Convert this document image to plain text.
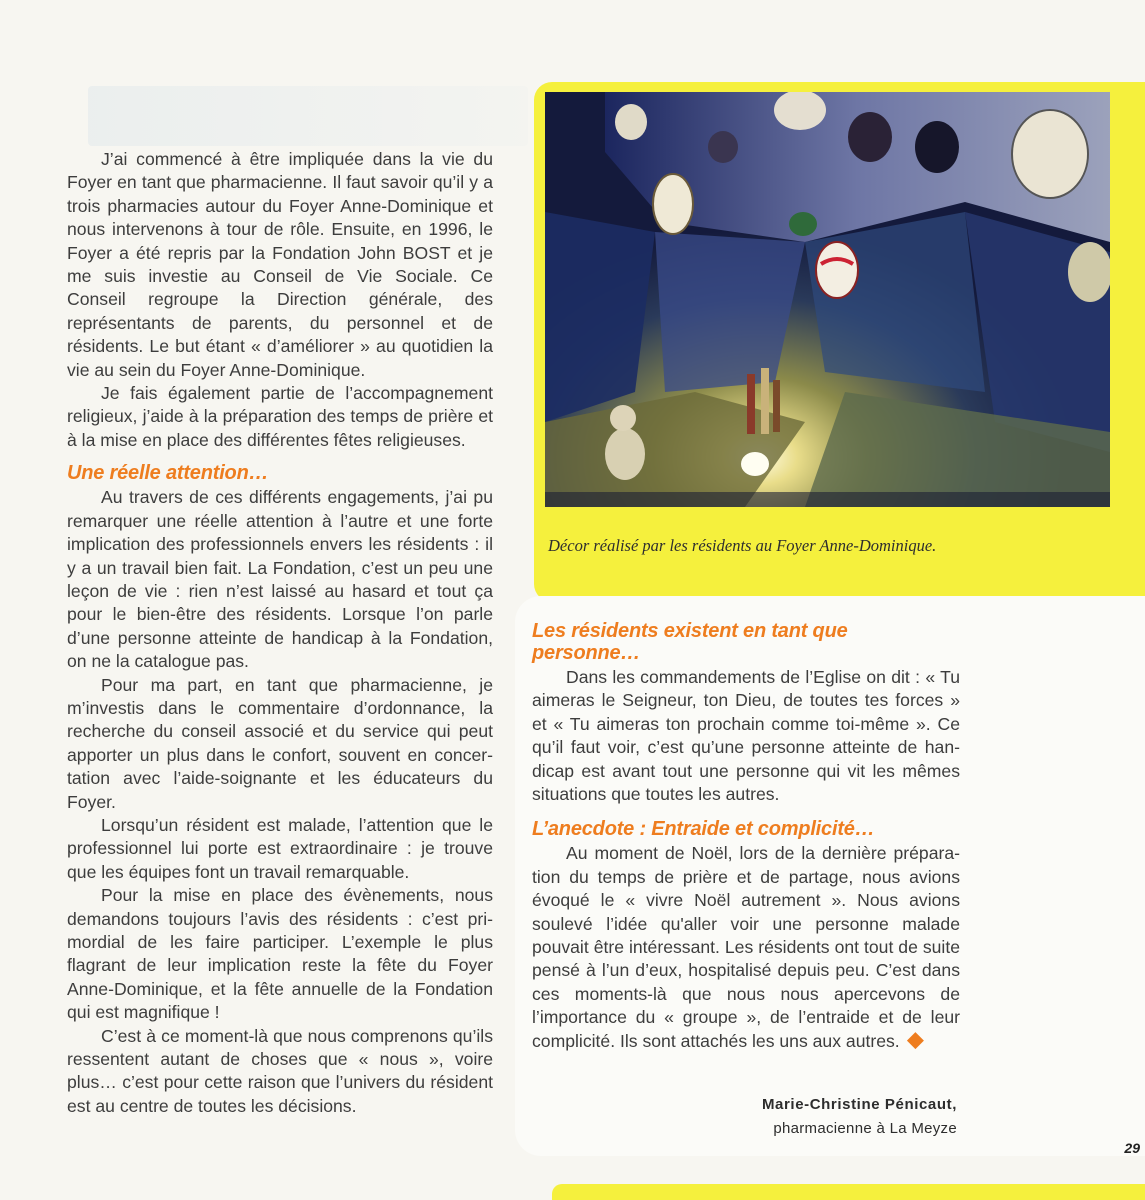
Décor réalisé par les résidents au Foyer Anne-Dominique.

J’ai commencé à être impliquée dans la vie du Foyer en tant que pharmacienne. Il faut savoir qu’il y a trois pharmacies autour du Foyer Anne-Dominique et nous intervenons à tour de rôle. Ensuite, en 1996, le Foyer a été repris par la Fondation John BOST et je me suis investie au Conseil de Vie Sociale. Ce Conseil regroupe la Direction générale, des représentants de parents, du personnel et de résidents. Le but étant « d’améliorer » au quotidien la vie au sein du Foyer Anne-Dominique.

Je fais également partie de l’accompagnement religieux, j’aide à la préparation des temps de prière et à la mise en place des différentes fêtes religieuses.

Une réelle attention…

Au travers de ces différents engagements, j’ai pu remarquer une réelle attention à l’autre et une forte implication des professionnels envers les résidents : il y a un travail bien fait. La Fondation, c’est un peu une leçon de vie : rien n’est laissé au hasard et tout ça pour le bien-être des résidents. Lorsque l’on parle d’une personne atteinte de handicap à la Fondation, on ne la catalogue pas.

Pour ma part, en tant que pharmacienne, je m’investis dans le commentaire d’ordonnance, la recherche du conseil associé et du service qui peut apporter un plus dans le confort, souvent en concertation avec l’aide-soignante et les éducateurs du Foyer.

Lorsqu’un résident est malade, l’attention que le professionnel lui porte est extraordinaire : je trouve que les équipes font un travail remarquable.

Pour la mise en place des évènements, nous demandons toujours l’avis des résidents : c’est primordial de les faire participer. L’exemple le plus flagrant de leur implication reste la fête du Foyer Anne-Dominique, et la fête annuelle de la Fondation qui est magnifique !

C’est à ce moment-là que nous comprenons qu’ils ressentent autant de choses que « nous », voire plus… c’est pour cette raison que l’univers du résident est au centre de toutes les décisions.

Les résidents existent en tant que personne…

Dans les commandements de l’Eglise on dit : « Tu aimeras le Seigneur, ton Dieu, de toutes tes forces » et « Tu aimeras ton prochain comme toi-même ». Ce qu’il faut voir, c’est qu’une personne atteinte de handicap est avant tout une personne qui vit les mêmes situations que toutes les autres.

L’anecdote : Entraide et complicité…

Au moment de Noël, lors de la dernière préparation du temps de prière et de partage, nous avions évoqué le « vivre Noël autrement ». Nous avions soulevé l’idée qu'aller voir une personne malade pouvait être intéressant. Les résidents ont tout de suite pensé à l’un d’eux, hospitalisé depuis peu. C’est dans ces moments-là que nous nous apercevons de l’importance du « groupe », de l’entraide et de leur complicité. Ils sont attachés les uns aux autres.

Marie-Christine Pénicaut,
pharmacienne à La Meyze
29
